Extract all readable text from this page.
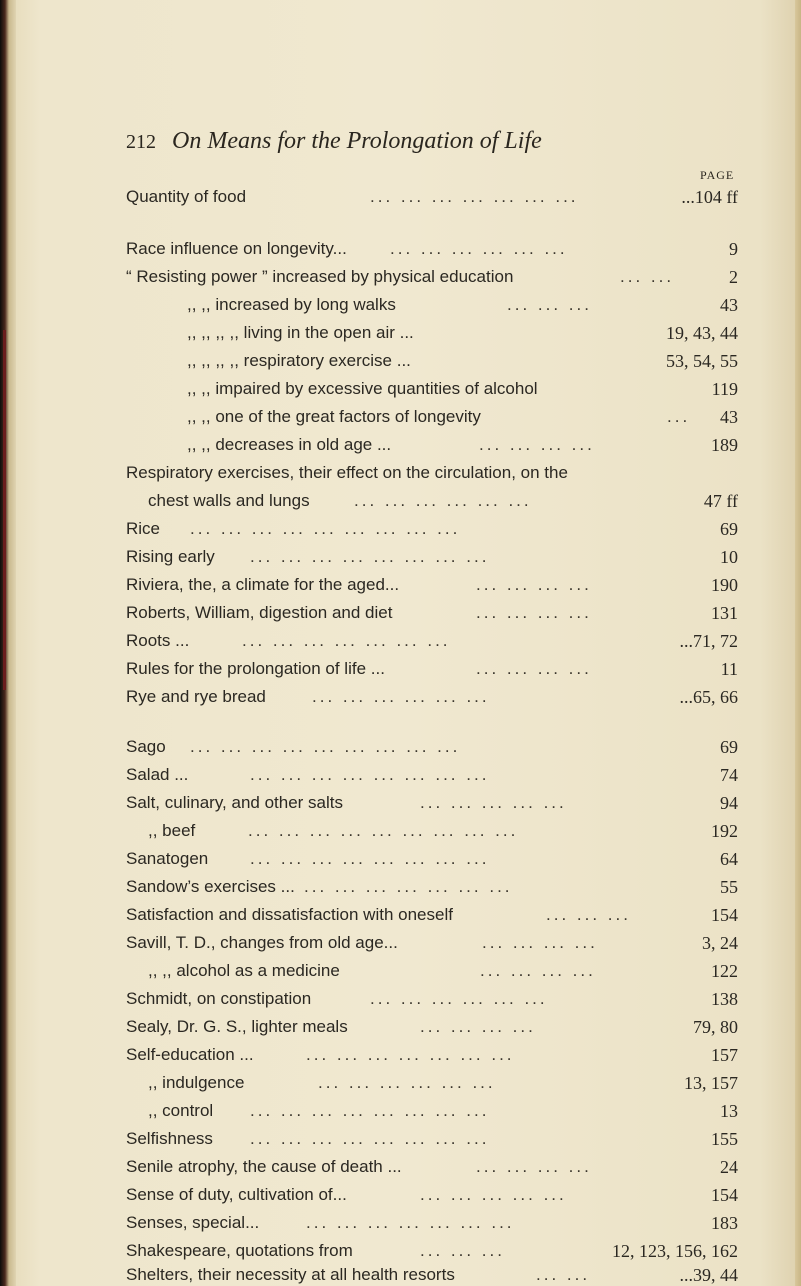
212 On Means for the Prolongation of Life
PAGE
Quantity of food	... ... ... ... ... ... ...	...104 ff
Race influence on longevity...	... ... ... ... ... ...	9
“ Resisting power ” increased by physical education	... ...	2
,, ,, increased by long walks	... ... ...	43
,, ,, ,, ,, living in the open air ...	19, 43, 44
,, ,, ,, ,, respiratory exercise ...	53, 54, 55
,, ,, impaired by excessive quantities of alcohol	119
,, ,, one of the great factors of longevity	... 43
,, ,, decreases in old age ...	... ... ... ...	189
Respiratory exercises, their effect on the circulation, on the
chest walls and lungs	... ... ... ... ... ...	47 ff
Rice ... ... ... ... ... ... ... ... ...	69
Rising early ... ... ... ... ... ... ... ...	10
Riviera, the, a climate for the aged...	... ... ... ...	190
Roberts, William, digestion and diet	... ... ... ...	131
Roots ...	... ... ... ... ... ... ...	...71, 72
Rules for the prolongation of life ...	... ... ... ...	11
Rye and rye bread	... ... ... ... ... ...	...65, 66
Sago ... ... ... ... ... ... ... ... ...	69
Salad ...	... ... ... ... ... ... ... ...	74
Salt, culinary, and other salts	... ... ... ... ...	94
,, beef	... ... ... ... ... ... ... ... ...	192
Sanatogen ... ... ... ... ... ... ... ...	64
Sandow’s exercises ... ... ... ... ... ... ... ...	55
Satisfaction and dissatisfaction with oneself	... ... ...	154
Savill, T. D., changes from old age...	... ... ... ...	3, 24
,, ,, alcohol as a medicine	... ... ... ...	122
Schmidt, on constipation	... ... ... ... ... ...	138
Sealy, Dr. G. S., lighter meals	... ... ... ...	79, 80
Self-education ...	... ... ... ... ... ... ...	157
,, indulgence	... ... ... ... ... ...	13, 157
,, control ... ... ... ... ... ... ... ...	13
Selfishness ... ... ... ... ... ... ... ...	155
Senile atrophy, the cause of death ...	... ... ... ...	24
Sense of duty, cultivation of...	... ... ... ... ...	154
Senses, special...	... ... ... ... ... ... ...	183
Shakespeare, quotations from	... ... ...	12, 123, 156, 162
Shelters, their necessity at all health resorts	... ...	...39, 44
